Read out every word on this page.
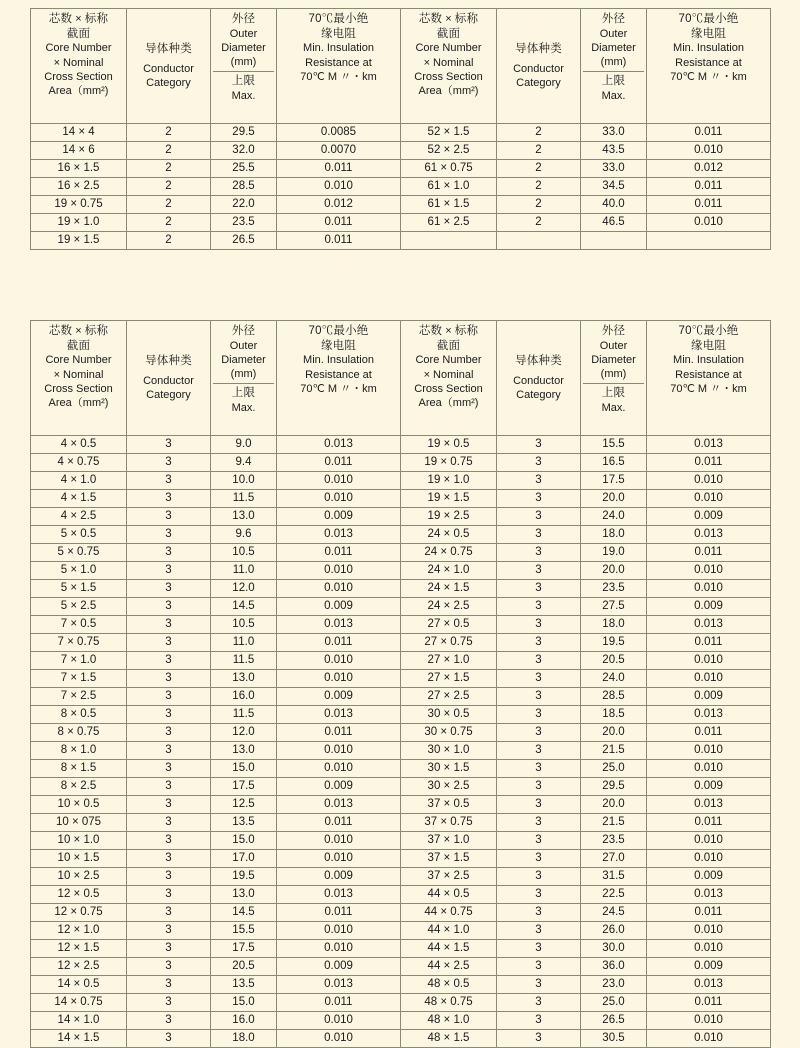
芯数 × 标称
截面
Core Number
× Nominal
Cross Section
Area（mm²)

导体种类
Conductor
Category

外径
Outer
Diameter
(mm)
上限
Max.

70℃最小绝
缘电阻
Min. Insulation
Resistance at
70℃ M 〃・km

芯数 × 标称
截面
Core Number
× Nominal
Cross Section
Area（mm²)

导体种类
Conductor
Category

外径
Outer
Diameter
(mm)
上限
Max.

70℃最小绝
缘电阻
Min. Insulation
Resistance at
70℃ M 〃・km

14 × 4	2	29.5	0.0085	52 × 1.5	2	33.0	0.011
14 × 6	2	32.0	0.0070	52 × 2.5	2	43.5	0.010
16 × 1.5	2	25.5	0.011	61 × 0.75	2	33.0	0.012
16 × 2.5	2	28.5	0.010	61 × 1.0	2	34.5	0.011
19 × 0.75	2	22.0	0.012	61 × 1.5	2	40.0	0.011
19 × 1.0	2	23.5	0.011	61 × 2.5	2	46.5	0.010
19 × 1.5	2	26.5	0.011				
芯数 × 标称
截面
Core Number
× Nominal
Cross Section
Area（mm²)

导体种类
Conductor
Category

外径
Outer
Diameter
(mm)
上限
Max.

70℃最小绝
缘电阻
Min. Insulation
Resistance at
70℃ M 〃・km

芯数 × 标称
截面
Core Number
× Nominal
Cross Section
Area（mm²)

导体种类
Conductor
Category

外径
Outer
Diameter
(mm)
上限
Max.

70℃最小绝
缘电阻
Min. Insulation
Resistance at
70℃ M 〃・km

4 × 0.5	3	9.0	0.013	19 × 0.5	3	15.5	0.013
4 × 0.75	3	9.4	0.011	19 × 0.75	3	16.5	0.011
4 × 1.0	3	10.0	0.010	19 × 1.0	3	17.5	0.010
4 × 1.5	3	11.5	0.010	19 × 1.5	3	20.0	0.010
4 × 2.5	3	13.0	0.009	19 × 2.5	3	24.0	0.009
5 × 0.5	3	9.6	0.013	24 × 0.5	3	18.0	0.013
5 × 0.75	3	10.5	0.011	24 × 0.75	3	19.0	0.011
5 × 1.0	3	11.0	0.010	24 × 1.0	3	20.0	0.010
5 × 1.5	3	12.0	0.010	24 × 1.5	3	23.5	0.010
5 × 2.5	3	14.5	0.009	24 × 2.5	3	27.5	0.009
7 × 0.5	3	10.5	0.013	27 × 0.5	3	18.0	0.013
7 × 0.75	3	11.0	0.011	27 × 0.75	3	19.5	0.011
7 × 1.0	3	11.5	0.010	27 × 1.0	3	20.5	0.010
7 × 1.5	3	13.0	0.010	27 × 1.5	3	24.0	0.010
7 × 2.5	3	16.0	0.009	27 × 2.5	3	28.5	0.009
8 × 0.5	3	11.5	0.013	30 × 0.5	3	18.5	0.013
8 × 0.75	3	12.0	0.011	30 × 0.75	3	20.0	0.011
8 × 1.0	3	13.0	0.010	30 × 1.0	3	21.5	0.010
8 × 1.5	3	15.0	0.010	30 × 1.5	3	25.0	0.010
8 × 2.5	3	17.5	0.009	30 × 2.5	3	29.5	0.009
10 × 0.5	3	12.5	0.013	37 × 0.5	3	20.0	0.013
10 × 075	3	13.5	0.011	37 × 0.75	3	21.5	0.011
10 × 1.0	3	15.0	0.010	37 × 1.0	3	23.5	0.010
10 × 1.5	3	17.0	0.010	37 × 1.5	3	27.0	0.010
10 × 2.5	3	19.5	0.009	37 × 2.5	3	31.5	0.009
12 × 0.5	3	13.0	0.013	44 × 0.5	3	22.5	0.013
12 × 0.75	3	14.5	0.011	44 × 0.75	3	24.5	0.011
12 × 1.0	3	15.5	0.010	44 × 1.0	3	26.0	0.010
12 × 1.5	3	17.5	0.010	44 × 1.5	3	30.0	0.010
12 × 2.5	3	20.5	0.009	44 × 2.5	3	36.0	0.009
14 × 0.5	3	13.5	0.013	48 × 0.5	3	23.0	0.013
14 × 0.75	3	15.0	0.011	48 × 0.75	3	25.0	0.011
14 × 1.0	3	16.0	0.010	48 × 1.0	3	26.5	0.010
14 × 1.5	3	18.0	0.010	48 × 1.5	3	30.5	0.010
